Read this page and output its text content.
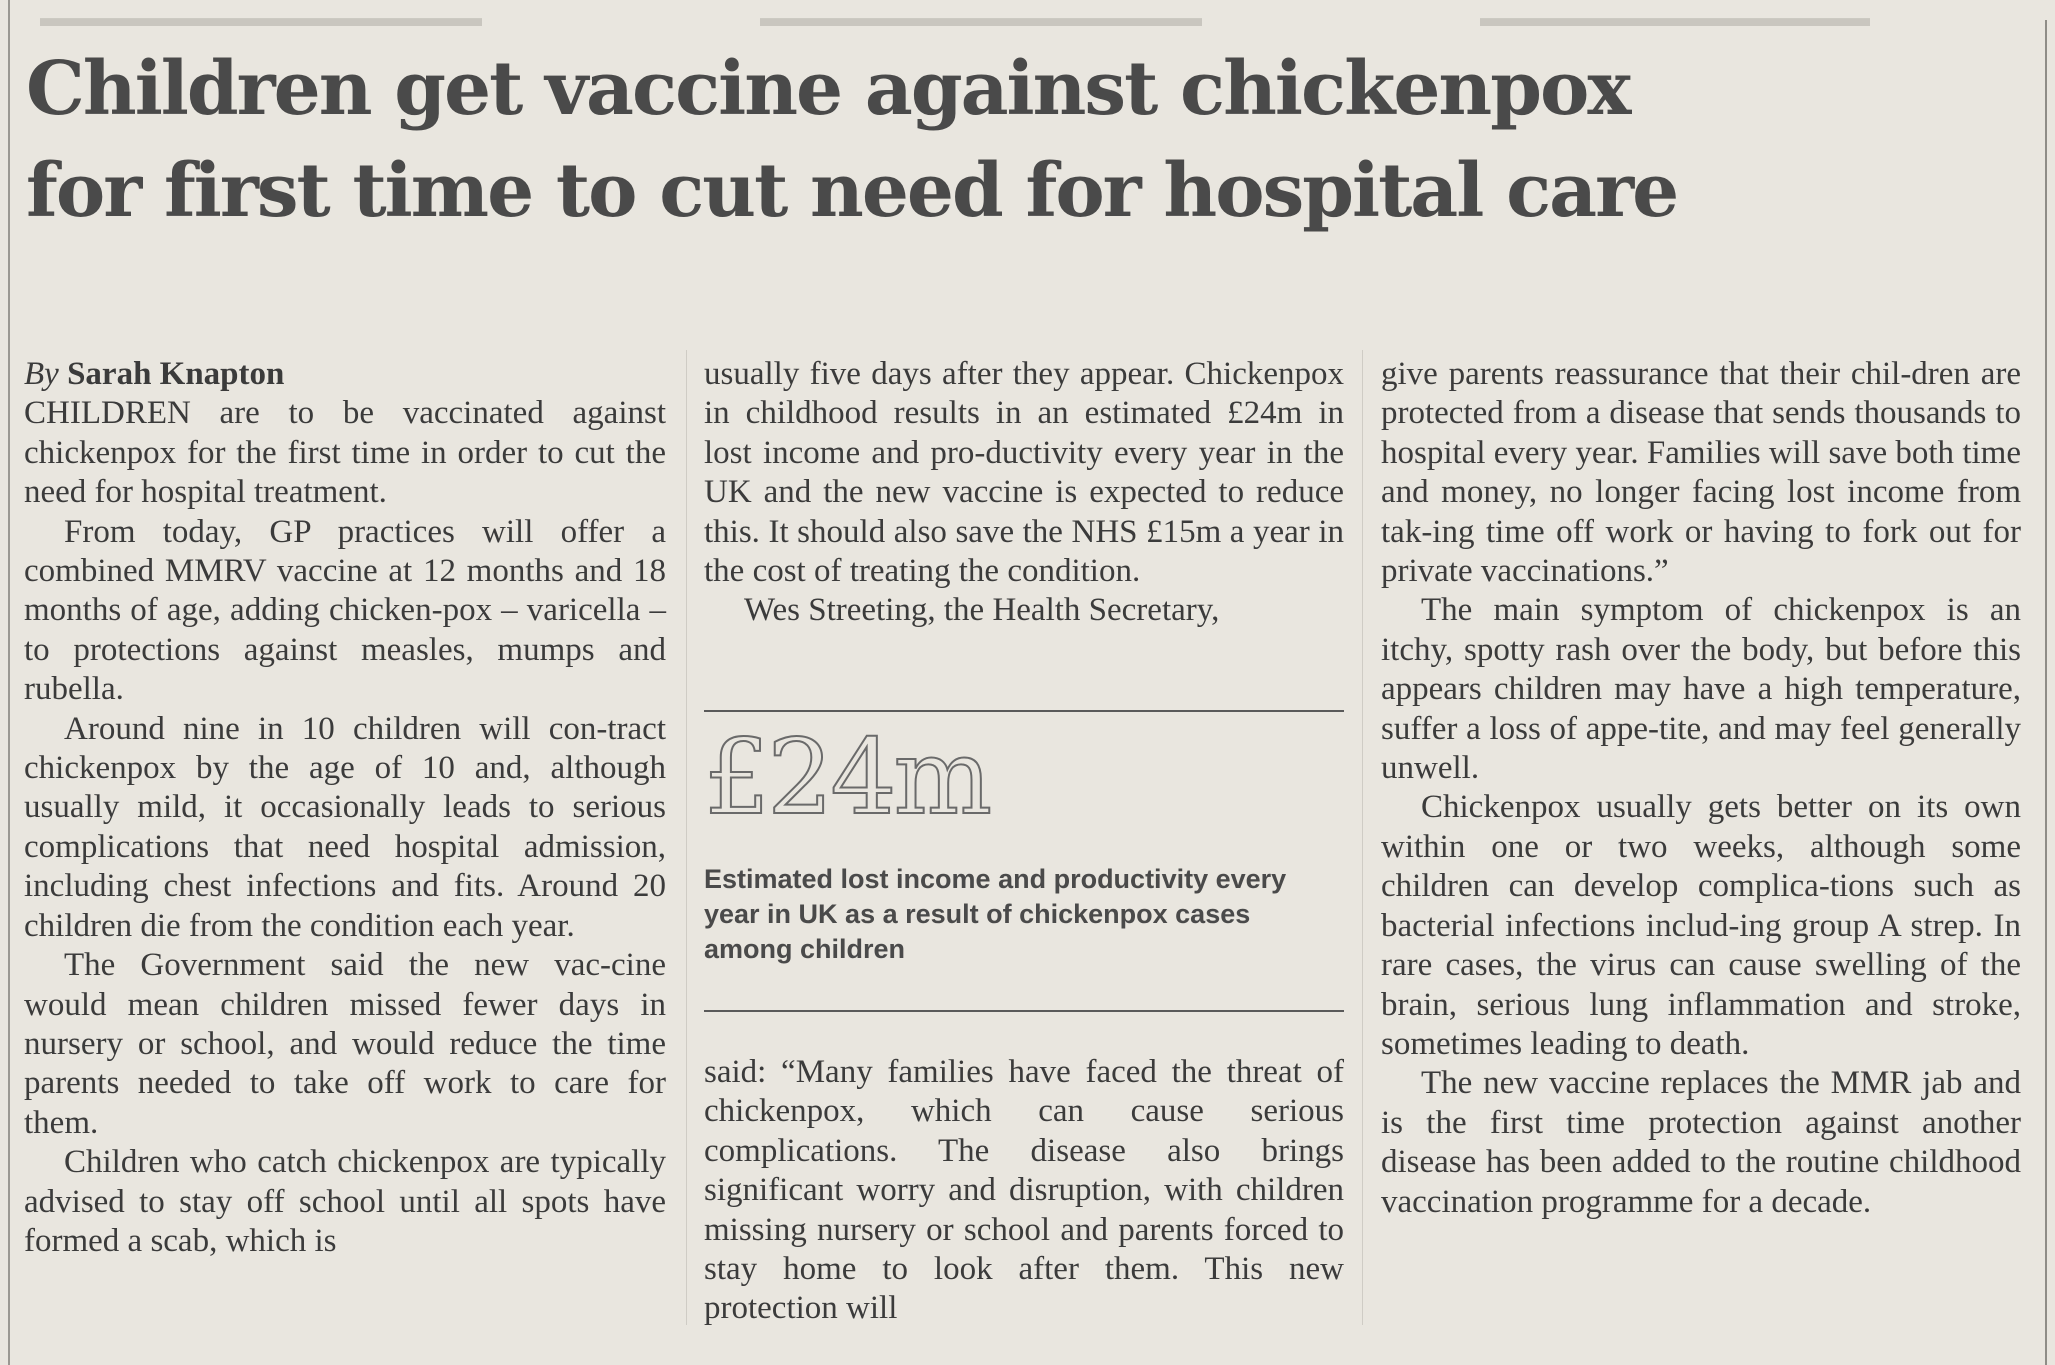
▬▬▬▬▬▬▬▬▬▬▬▬▬▬▬▬▬	▬▬▬▬▬▬▬▬▬▬▬▬▬▬▬▬▬	▬▬▬▬▬▬▬▬▬▬▬▬▬▬▬
Children get vaccine against chickenpox
for first time to cut need for hospital care

By Sarah Knapton

CHILDREN are to be vaccinated against chickenpox for the first time in order to cut the need for hospital treatment.

From today, GP practices will offer a combined MMRV vaccine at 12 months and 18 months of age, adding chicken-pox – varicella – to protections against measles, mumps and rubella.

Around nine in 10 children will con-tract chickenpox by the age of 10 and, although usually mild, it occasionally leads to serious complications that need hospital admission, including chest infections and fits. Around 20 children die from the condition each year.

The Government said the new vac-cine would mean children missed fewer days in nursery or school, and would reduce the time parents needed to take off work to care for them.

Children who catch chickenpox are typically advised to stay off school until all spots have formed a scab, which is

usually five days after they appear. Chickenpox in childhood results in an estimated £24m in lost income and pro-ductivity every year in the UK and the new vaccine is expected to reduce this. It should also save the NHS £15m a year in the cost of treating the condition.

Wes Streeting, the Health Secretary,

£24m

Estimated lost income and productivity every year in UK as a result of chickenpox cases among children

said: “Many families have faced the threat of chickenpox, which can cause serious complications. The disease also brings significant worry and disruption, with children missing nursery or school and parents forced to stay home to look after them. This new protection will

give parents reassurance that their chil-dren are protected from a disease that sends thousands to hospital every year. Families will save both time and money, no longer facing lost income from tak-ing time off work or having to fork out for private vaccinations.”

The main symptom of chickenpox is an itchy, spotty rash over the body, but before this appears children may have a high temperature, suffer a loss of appe-tite, and may feel generally unwell.

Chickenpox usually gets better on its own within one or two weeks, although some children can develop complica-tions such as bacterial infections includ-ing group A strep. In rare cases, the virus can cause swelling of the brain, serious lung inflammation and stroke, sometimes leading to death.

The new vaccine replaces the MMR jab and is the first time protection against another disease has been added to the routine childhood vaccination programme for a decade.
